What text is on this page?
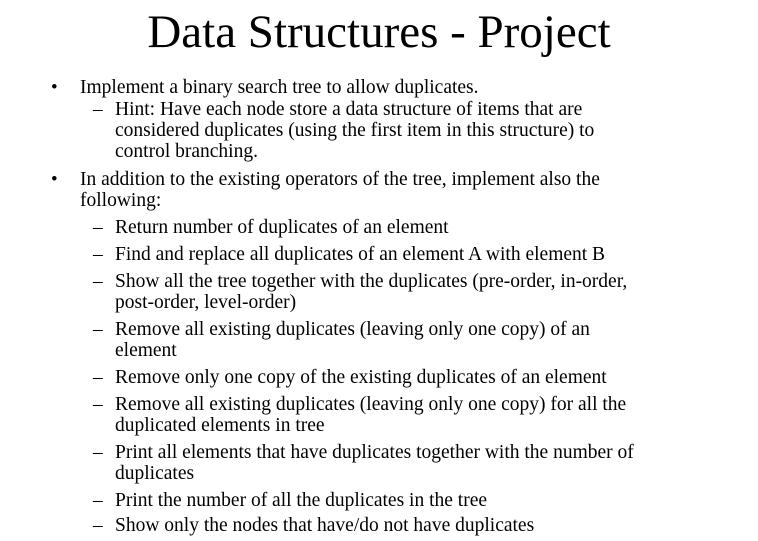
Data Structures - Project
• Implement a binary search tree to allow duplicates.
– Hint: Have each node store a data structure of items that are
considered duplicates (using the first item in this structure) to
control branching.
• In addition to the existing operators of the tree, implement also the
following:
– Return number of duplicates of an element
– Find and replace all duplicates of an element A with element B
– Show all the tree together with the duplicates (pre-order, in-order,
post-order, level-order)
– Remove all existing duplicates (leaving only one copy) of an
element
– Remove only one copy of the existing duplicates of an element
– Remove all existing duplicates (leaving only one copy) for all the
duplicated elements in tree
– Print all elements that have duplicates together with the number of
duplicates
– Print the number of all the duplicates in the tree
– Show only the nodes that have/do not have duplicates
